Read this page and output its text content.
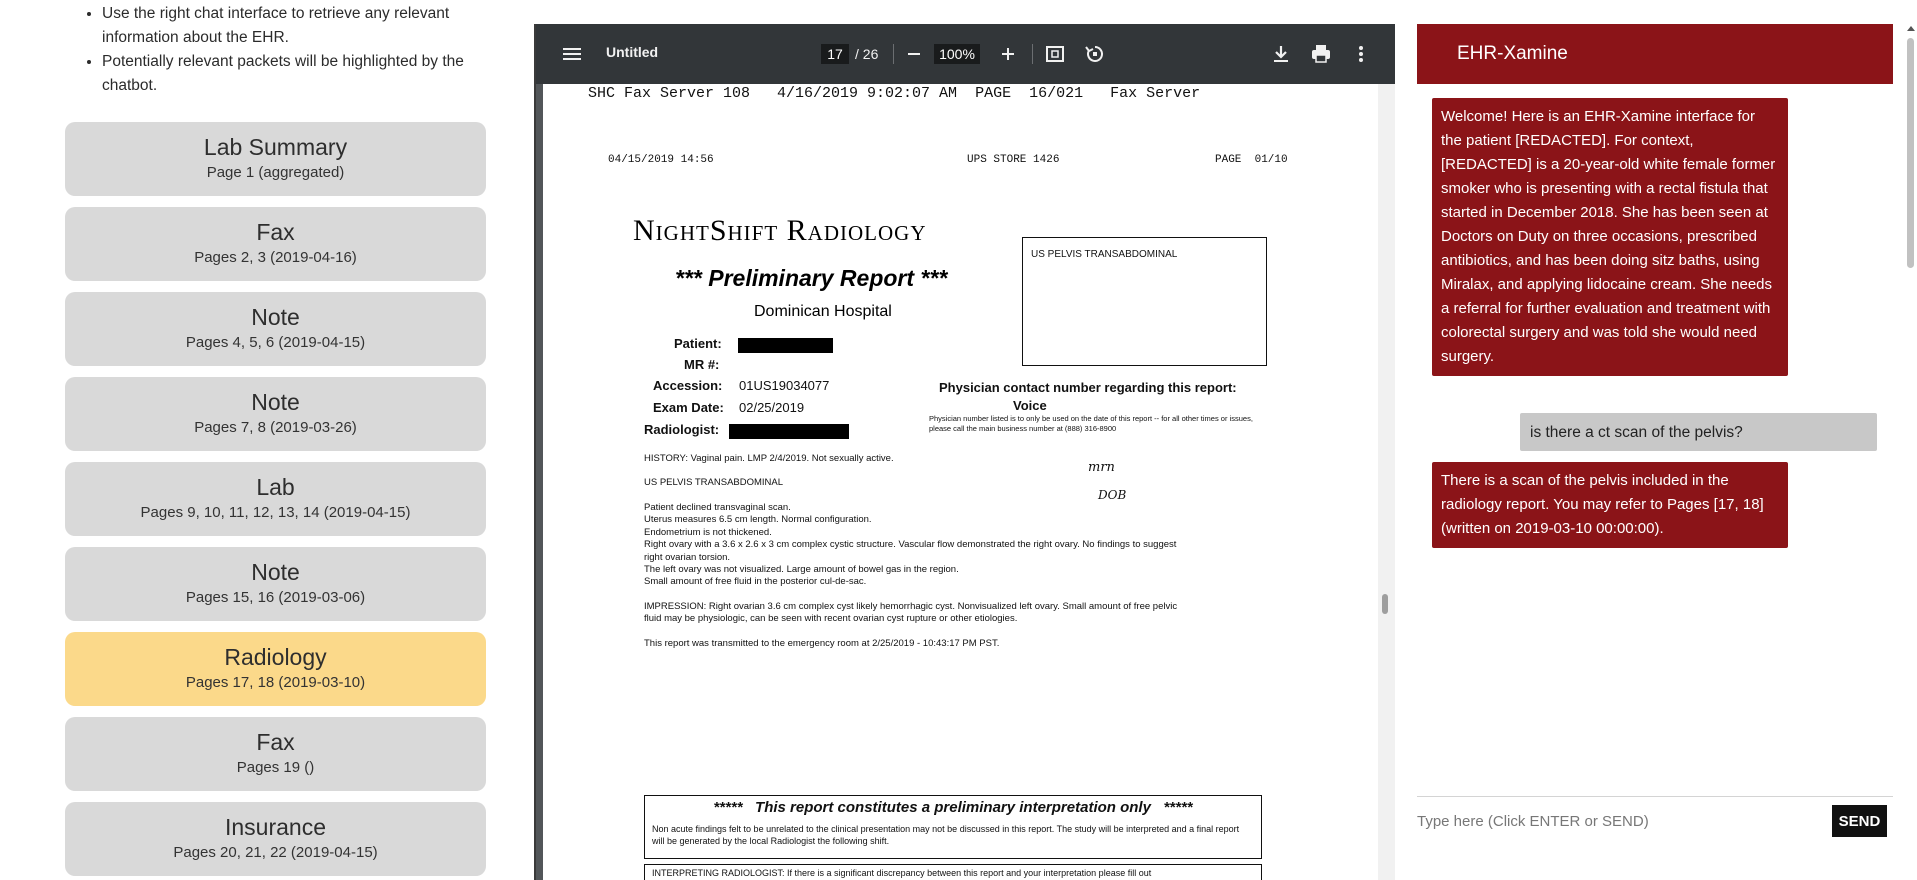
• Use the right chat interface to retrieve any relevant information about the EHR.
• Potentially relevant packets will be highlighted by the chatbot.
Lab Summary
Page 1 (aggregated)
Fax
Pages 2, 3 (2019-04-16)
Note
Pages 4, 5, 6 (2019-04-15)
Note
Pages 7, 8 (2019-03-26)
Lab
Pages 9, 10, 11, 12, 13, 14 (2019-04-15)
Note
Pages 15, 16 (2019-03-06)
Radiology
Pages 17, 18 (2019-03-10)
Fax
Pages 19 ()
Insurance
Pages 20, 21, 22 (2019-04-15)
Untitled	17 / 26	100%
SHC Fax Server 108   4/16/2019 9:02:07 AM  PAGE  16/021   Fax Server
04/15/2019 14:56	UPS STORE 1426	PAGE  01/10
NightShift Radiology
*** Preliminary Report ***
Dominican Hospital
US PELVIS TRANSABDOMINAL
Patient:
MR #:
Accession: 01US19034077
Exam Date: 02/25/2019
Radiologist:
Physician contact number regarding this report:
Voice
Physician number listed is to only be used on the date of this report -- for all other times or issues, please call the main business number at (888) 316-8900
mrn
DOB
HISTORY: Vaginal pain. LMP 2/4/2019. Not sexually active.
US PELVIS TRANSABDOMINAL
Patient declined transvaginal scan.
Uterus measures 6.5 cm length. Normal configuration.
Endometrium is not thickened.
Right ovary with a 3.6 x 2.6 x 3 cm complex cystic structure. Vascular flow demonstrated the right ovary. No findings to suggest
right ovarian torsion.
The left ovary was not visualized. Large amount of bowel gas in the region.
Small amount of free fluid in the posterior cul-de-sac.
IMPRESSION: Right ovarian 3.6 cm complex cyst likely hemorrhagic cyst. Nonvisualized left ovary. Small amount of free pelvic
fluid may be physiologic, can be seen with recent ovarian cyst rupture or other etiologies.
This report was transmitted to the emergency room at 2/25/2019 - 10:43:17 PM PST.
*****   This report constitutes a preliminary interpretation only   *****
Non acute findings felt to be unrelated to the clinical presentation may not be discussed in this report. The study will be interpreted and a final report will be generated by the local Radiologist the following shift.
INTERPRETING RADIOLOGIST: If there is a significant discrepancy between this report and your interpretation please fill out
EHR-Xamine
Welcome! Here is an EHR-Xamine interface for the patient [REDACTED]. For context, [REDACTED] is a 20-year-old white female former smoker who is presenting with a rectal fistula that started in December 2018. She has been seen at Doctors on Duty on three occasions, prescribed antibiotics, and has been doing sitz baths, using Miralax, and applying lidocaine cream. She needs a referral for further evaluation and treatment with colorectal surgery and was told she would need surgery.
is there a ct scan of the pelvis?
There is a scan of the pelvis included in the radiology report. You may refer to Pages [17, 18] (written on 2019-03-10 00:00:00).
Type here (Click ENTER or SEND)
SEND
